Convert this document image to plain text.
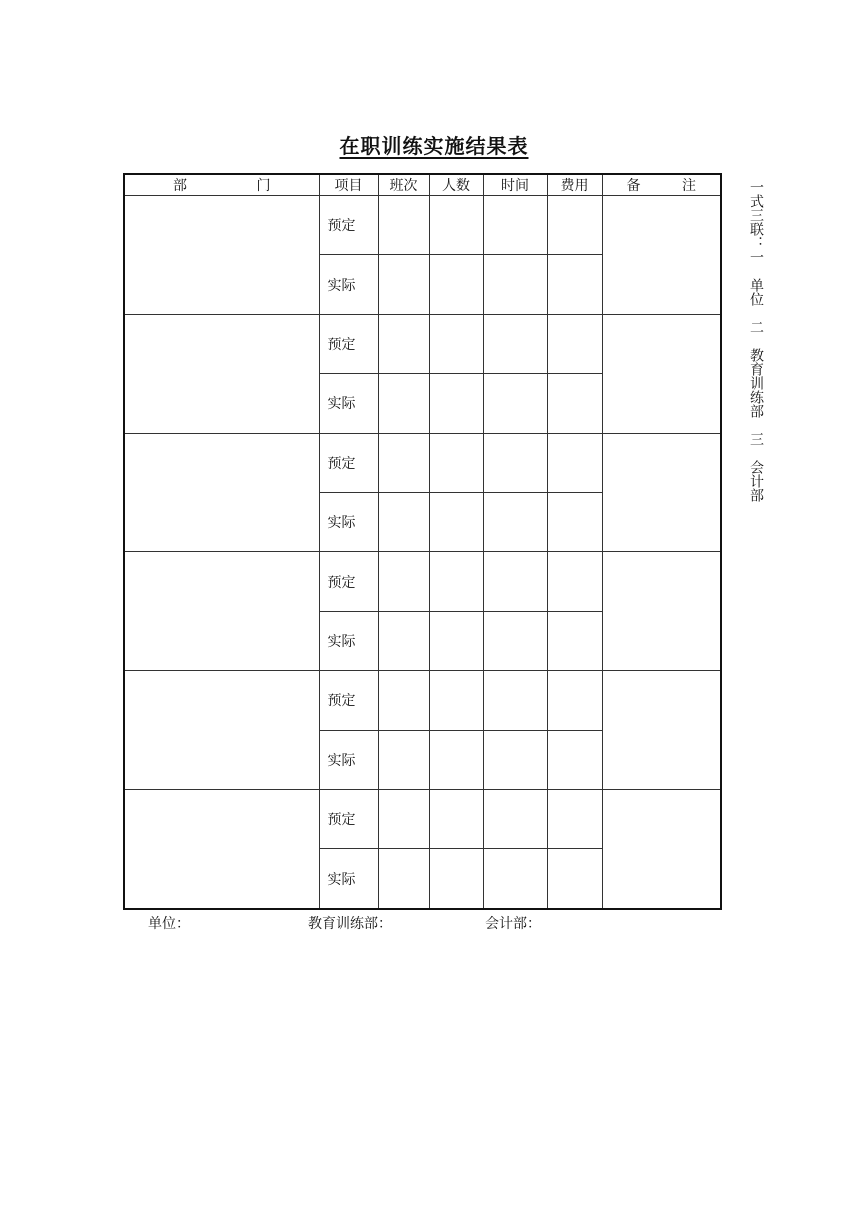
在职训练实施结果表
部　门	项目	班次	人数	时间	费用	备　注
	预定					
	实际					
	预定					
	实际					
	预定					
	实际					
	预定					
	实际					
	预定					
	实际					
	预定					
	实际					
一式三联：一　单位　二　教育训练部　三　会计部
单位：	教育训练部：	会计部：
